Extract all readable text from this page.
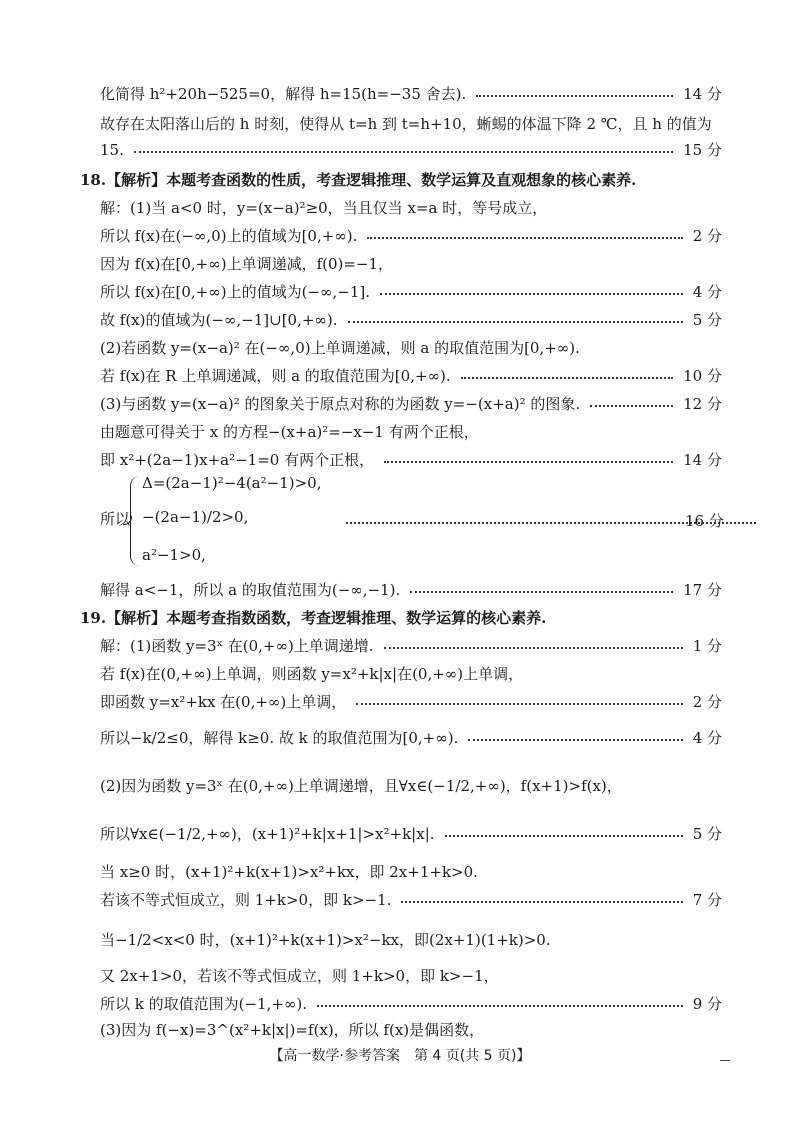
化简得 h²+20h−525=0，解得 h=15(h=−35 舍去).	14 分
故存在太阳落山后的 h 时刻，使得从 t=h 到 t=h+10，蜥蜴的体温下降 2 ℃，且 h 的值为
15.	15 分
18.【解析】本题考查函数的性质，考查逻辑推理、数学运算及直观想象的核心素养.
解：(1)当 a<0 时，y=(x−a)²≥0，当且仅当 x=a 时，等号成立，
所以 f(x)在(−∞,0)上的值域为[0,+∞).	2 分
因为 f(x)在[0,+∞)上单调递减，f(0)=−1，
所以 f(x)在[0,+∞)上的值域为(−∞,−1].	4 分
故 f(x)的值域为(−∞,−1]∪[0,+∞).	5 分
(2)若函数 y=(x−a)² 在(−∞,0)上单调递减，则 a 的取值范围为[0,+∞).
若 f(x)在 R 上单调递减，则 a 的取值范围为[0,+∞).	10 分
(3)与函数 y=(x−a)² 的图象关于原点对称的为函数 y=−(x+a)² 的图象.	12 分
由题意可得关于 x 的方程−(x+a)²=−x−1 有两个正根，
即 x²+(2a−1)x+a²−1=0 有两个正根，	14 分
所以
Δ=(2a−1)²−4(a²−1)>0,
−(2a−1)/2>0,
a²−1>0,
16 分
解得 a<−1，所以 a 的取值范围为(−∞,−1).	17 分
19.【解析】本题考查指数函数，考查逻辑推理、数学运算的核心素养.
解：(1)函数 y=3ˣ 在(0,+∞)上单调递增.	1 分
若 f(x)在(0,+∞)上单调，则函数 y=x²+k|x|在(0,+∞)上单调，
即函数 y=x²+kx 在(0,+∞)上单调，	2 分
所以−k/2≤0，解得 k≥0. 故 k 的取值范围为[0,+∞).	4 分
(2)因为函数 y=3ˣ 在(0,+∞)上单调递增，且∀x∈(−1/2,+∞)，f(x+1)>f(x)，
所以∀x∈(−1/2,+∞)，(x+1)²+k|x+1|>x²+k|x|.	5 分
当 x≥0 时，(x+1)²+k(x+1)>x²+kx，即 2x+1+k>0.
若该不等式恒成立，则 1+k>0，即 k>−1.	7 分
当−1/2<x<0 时，(x+1)²+k(x+1)>x²−kx，即(2x+1)(1+k)>0.
又 2x+1>0，若该不等式恒成立，则 1+k>0，即 k>−1，
所以 k 的取值范围为(−1,+∞).	9 分
(3)因为 f(−x)=3^(x²+k|x|)=f(x)，所以 f(x)是偶函数，
【高一数学·参考答案　第 4 页(共 5 页)】
